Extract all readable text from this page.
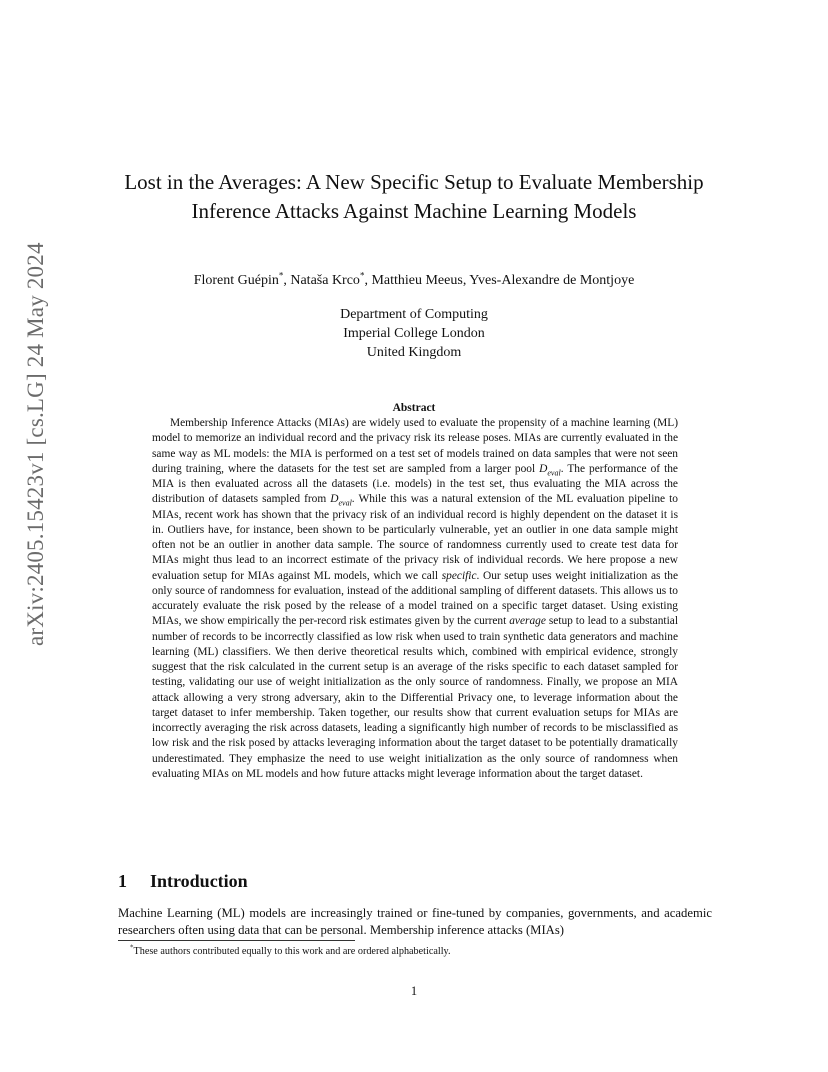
arXiv:2405.15423v1 [cs.LG] 24 May 2024
Lost in the Averages: A New Specific Setup to Evaluate Membership Inference Attacks Against Machine Learning Models
Florent Guépin*, Nataša Krco*, Matthieu Meeus, Yves-Alexandre de Montjoye
Department of Computing
Imperial College London
United Kingdom
Abstract
Membership Inference Attacks (MIAs) are widely used to evaluate the propensity of a machine learning (ML) model to memorize an individual record and the privacy risk its release poses. MIAs are currently evaluated in the same way as ML models: the MIA is performed on a test set of models trained on data samples that were not seen during training, where the datasets for the test set are sampled from a larger pool $D_{eval}$. The performance of the MIA is then evaluated across all the datasets (i.e. models) in the test set, thus evaluating the MIA across the distribution of datasets sampled from $D_{eval}$. While this was a natural extension of the ML evaluation pipeline to MIAs, recent work has shown that the privacy risk of an individual record is highly dependent on the dataset it is in. Outliers have, for instance, been shown to be particularly vulnerable, yet an outlier in one data sample might often not be an outlier in another data sample. The source of randomness currently used to create test data for MIAs might thus lead to an incorrect estimate of the privacy risk of individual records. We here propose a new evaluation setup for MIAs against ML models, which we call specific. Our setup uses weight initialization as the only source of randomness for evaluation, instead of the additional sampling of different datasets. This allows us to accurately evaluate the risk posed by the release of a model trained on a specific target dataset. Using existing MIAs, we show empirically the per-record risk estimates given by the current average setup to lead to a substantial number of records to be incorrectly classified as low risk when used to train synthetic data generators and machine learning (ML) classifiers. We then derive theoretical results which, combined with empirical evidence, strongly suggest that the risk calculated in the current setup is an average of the risks specific to each dataset sampled for testing, validating our use of weight initialization as the only source of randomness. Finally, we propose an MIA attack allowing a very strong adversary, akin to the Differential Privacy one, to leverage information about the target dataset to infer membership. Taken together, our results show that current evaluation setups for MIAs are incorrectly averaging the risk across datasets, leading a significantly high number of records to be misclassified as low risk and the risk posed by attacks leveraging information about the target dataset to be potentially dramatically underestimated. They emphasize the need to use weight initialization as the only source of randomness when evaluating MIAs on ML models and how future attacks might leverage information about the target dataset.
1 Introduction
Machine Learning (ML) models are increasingly trained or fine-tuned by companies, governments, and academic researchers often using data that can be personal. Membership inference attacks (MIAs)
*These authors contributed equally to this work and are ordered alphabetically.
1
